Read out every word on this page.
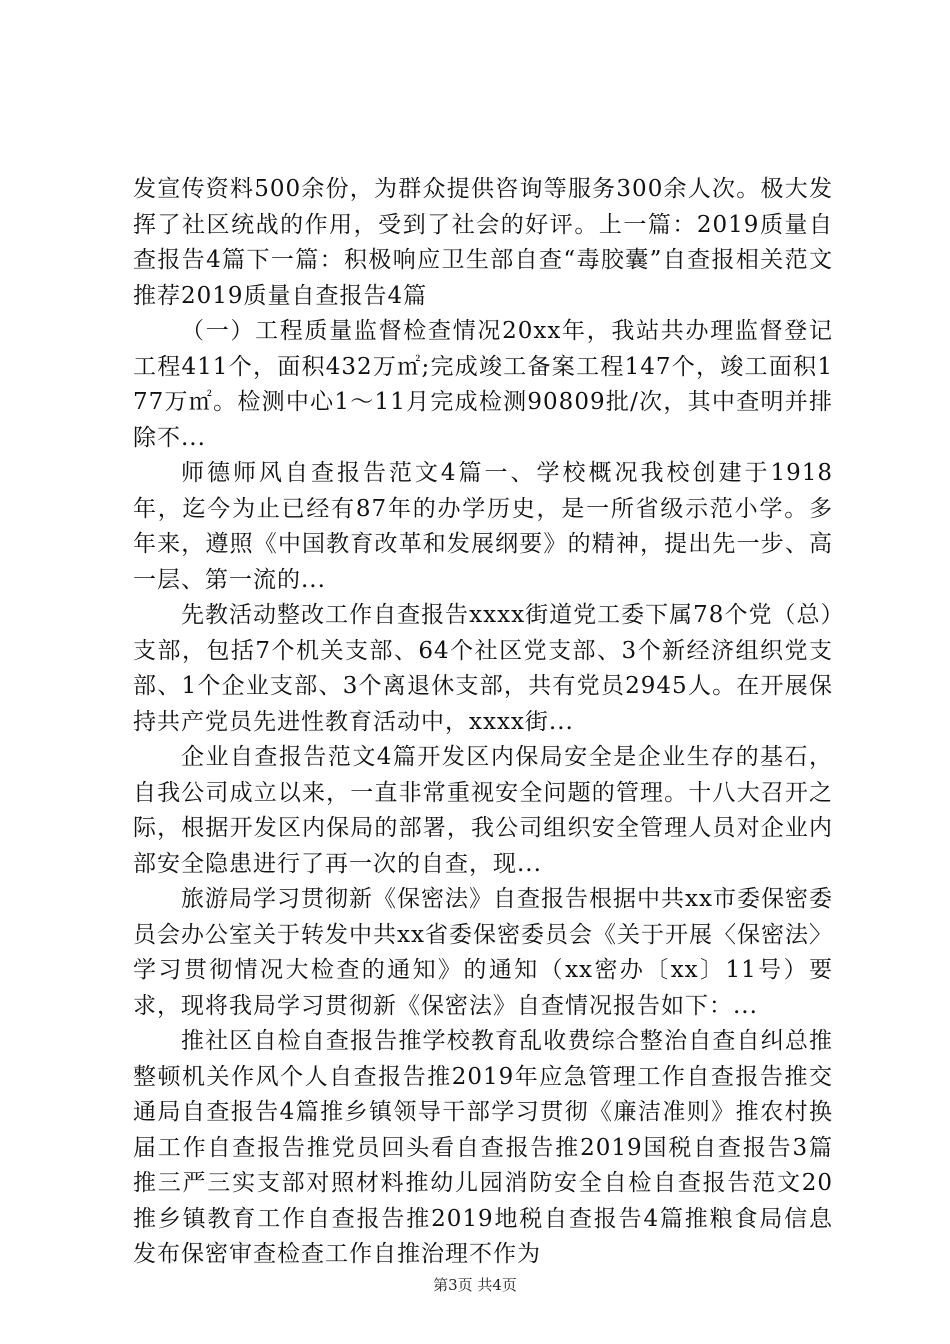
发宣传资料500余份，为群众提供咨询等服务300余人次。极大发挥了社区统战的作用，受到了社会的好评。上一篇：2019质量自查报告4篇下一篇：积极响应卫生部自查“毒胶囊”自查报相关范文推荐2019质量自查报告4篇

（一）工程质量监督检查情况20xx年，我站共办理监督登记工程411个，面积432万㎡;完成竣工备案工程147个，竣工面积177万㎡。检测中心1～11月完成检测90809批/次，其中查明并排除不...

师德师风自查报告范文4篇一、学校概况我校创建于1918年，迄今为止已经有87年的办学历史，是一所省级示范小学。多年来，遵照《中国教育改革和发展纲要》的精神，提出先一步、高一层、第一流的...

先教活动整改工作自查报告xxxx街道党工委下属78个党（总）支部，包括7个机关支部、64个社区党支部、3个新经济组织党支部、1个企业支部、3个离退休支部，共有党员2945人。在开展保持共产党员先进性教育活动中，xxxx街...

企业自查报告范文4篇开发区内保局安全是企业生存的基石，自我公司成立以来，一直非常重视安全问题的管理。十八大召开之际，根据开发区内保局的部署，我公司组织安全管理人员对企业内部安全隐患进行了再一次的自查，现...

旅游局学习贯彻新《保密法》自查报告根据中共xx市委保密委员会办公室关于转发中共xx省委保密委员会《关于开展〈保密法〉学习贯彻情况大检查的通知》的通知（xx密办〔xx〕11号）要求，现将我局学习贯彻新《保密法》自查情况报告如下：...

推社区自检自查报告推学校教育乱收费综合整治自查自纠总推整顿机关作风个人自查报告推2019年应急管理工作自查报告推交通局自查报告4篇推乡镇领导干部学习贯彻《廉洁准则》推农村换届工作自查报告推党员回头看自查报告推2019国税自查报告3篇推三严三实支部对照材料推幼儿园消防安全自检自查报告范文20推乡镇教育工作自查报告推2019地税自查报告4篇推粮食局信息发布保密审查检查工作自推治理不作为

第3页 共4页
